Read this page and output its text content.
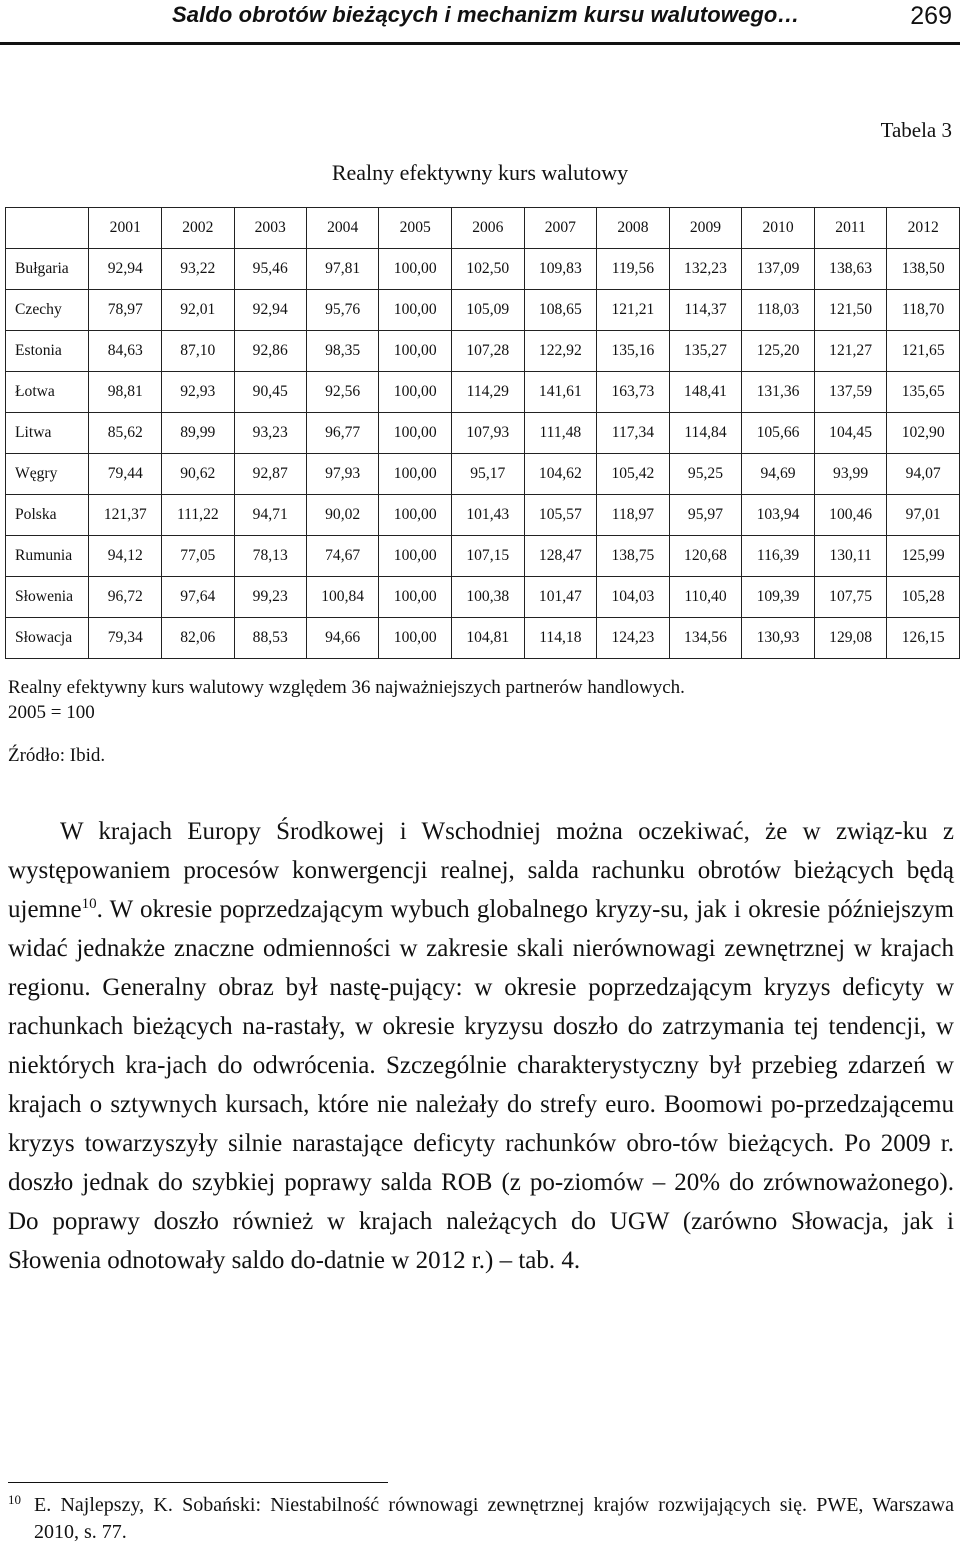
Saldo obrotów bieżących i mechanizm kursu walutowego…	269
Tabela 3
Realny efektywny kurs walutowy
	2001	2002	2003	2004	2005	2006	2007	2008	2009	2010	2011	2012
Bułgaria	92,94	93,22	95,46	97,81	100,00	102,50	109,83	119,56	132,23	137,09	138,63	138,50
Czechy	78,97	92,01	92,94	95,76	100,00	105,09	108,65	121,21	114,37	118,03	121,50	118,70
Estonia	84,63	87,10	92,86	98,35	100,00	107,28	122,92	135,16	135,27	125,20	121,27	121,65
Łotwa	98,81	92,93	90,45	92,56	100,00	114,29	141,61	163,73	148,41	131,36	137,59	135,65
Litwa	85,62	89,99	93,23	96,77	100,00	107,93	111,48	117,34	114,84	105,66	104,45	102,90
Węgry	79,44	90,62	92,87	97,93	100,00	95,17	104,62	105,42	95,25	94,69	93,99	94,07
Polska	121,37	111,22	94,71	90,02	100,00	101,43	105,57	118,97	95,97	103,94	100,46	97,01
Rumunia	94,12	77,05	78,13	74,67	100,00	107,15	128,47	138,75	120,68	116,39	130,11	125,99
Słowenia	96,72	97,64	99,23	100,84	100,00	100,38	101,47	104,03	110,40	109,39	107,75	105,28
Słowacja	79,34	82,06	88,53	94,66	100,00	104,81	114,18	124,23	134,56	130,93	129,08	126,15
Realny efektywny kurs walutowy względem 36 najważniejszych partnerów handlowych.
2005 = 100
Źródło: Ibid.
W krajach Europy Środkowej i Wschodniej można oczekiwać, że w związ-ku z występowaniem procesów konwergencji realnej, salda rachunku obrotów bieżących będą ujemne$^{10}$. W okresie poprzedzającym wybuch globalnego kryzy-su, jak i okresie późniejszym widać jednakże znaczne odmienności w zakresie skali nierównowagi zewnętrznej w krajach regionu. Generalny obraz był nastę-pujący: w okresie poprzedzającym kryzys deficyty w rachunkach bieżących na-rastały, w okresie kryzysu doszło do zatrzymania tej tendencji, w niektórych kra-jach do odwrócenia. Szczególnie charakterystyczny był przebieg zdarzeń w krajach o sztywnych kursach, które nie należały do strefy euro. Boomowi po-przedzającemu kryzys towarzyszyły silnie narastające deficyty rachunków obro-tów bieżących. Po 2009 r. doszło jednak do szybkiej poprawy salda ROB (z po-ziomów – 20% do zrównoważonego). Do poprawy doszło również w krajach należących do UGW (zarówno Słowacja, jak i Słowenia odnotowały saldo do-datnie w 2012 r.) – tab. 4.
10 E. Najlepszy, K. Sobański: Niestabilność równowagi zewnętrznej krajów rozwijających się. PWE, Warszawa 2010, s. 77.
